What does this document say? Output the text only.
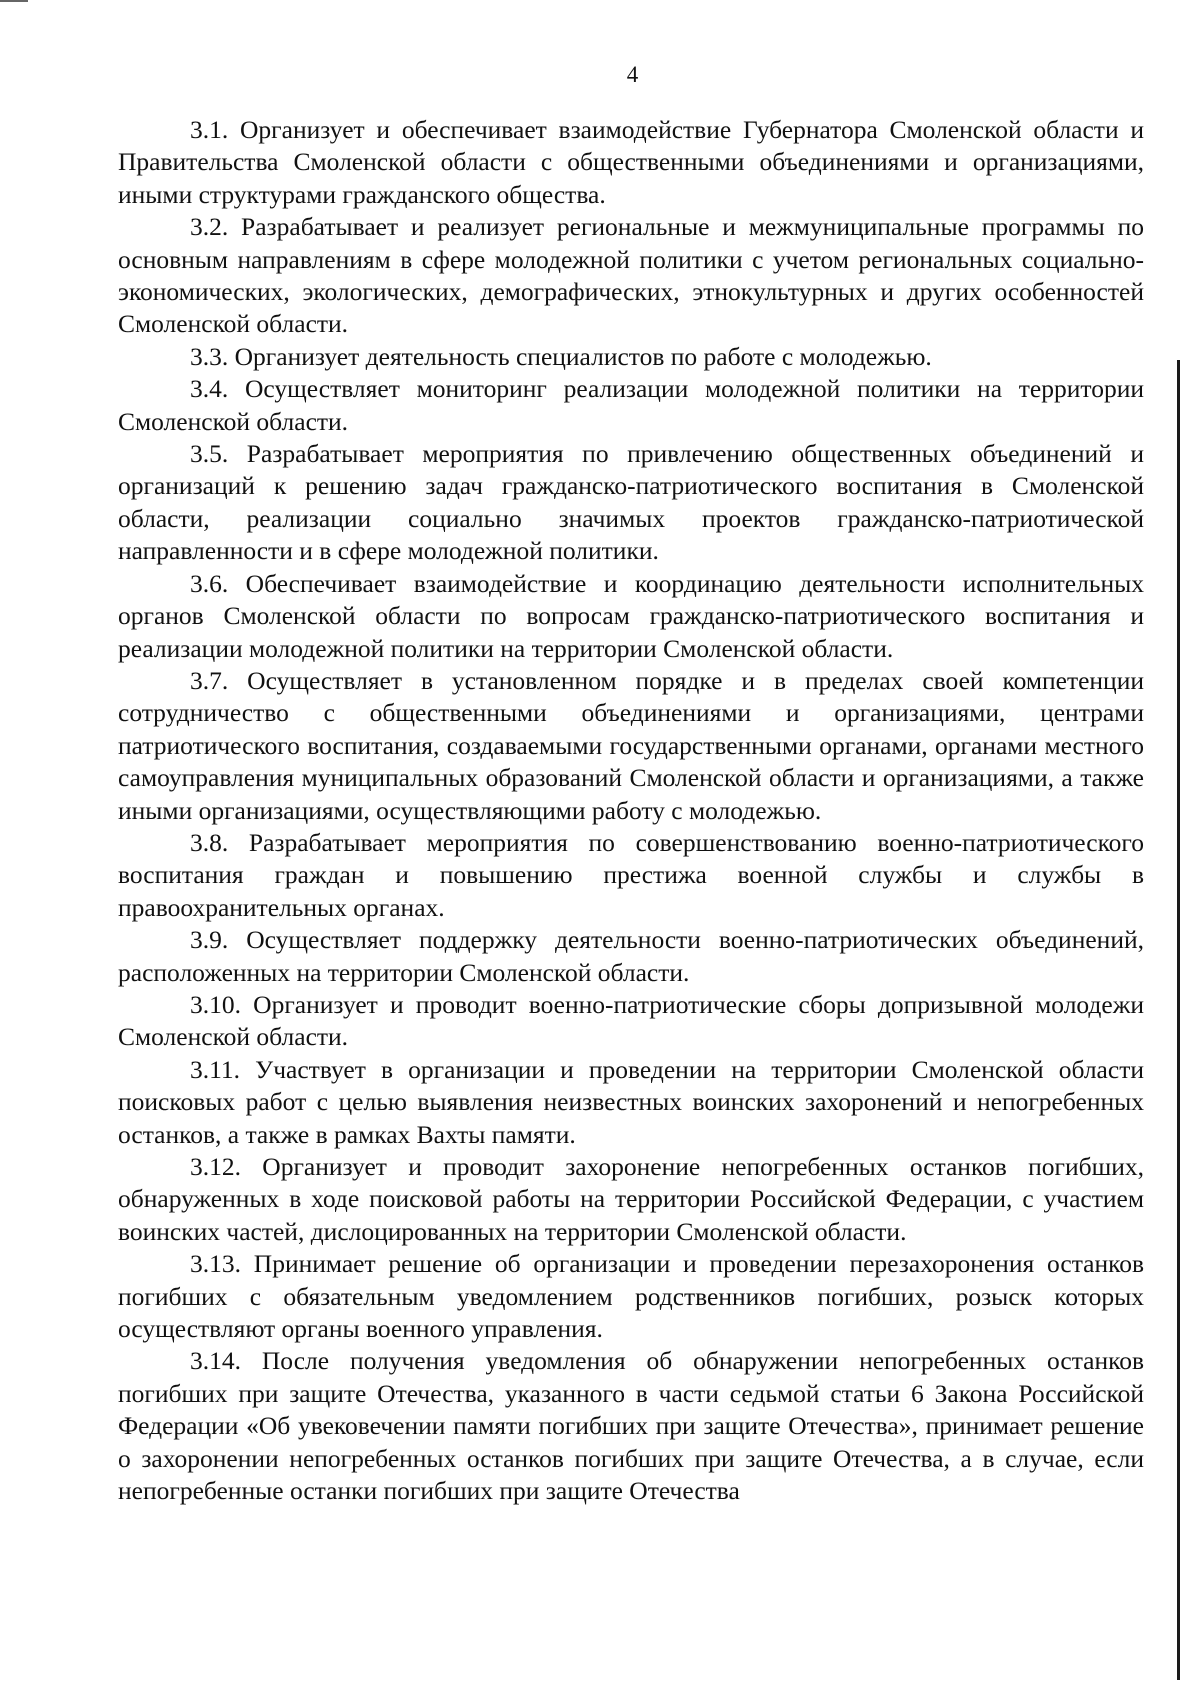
4

3.1. Организует и обеспечивает взаимодействие Губернатора Смоленской области и Правительства Смоленской области с общественными объединениями и организациями, иными структурами гражданского общества.

3.2. Разрабатывает и реализует региональные и межмуниципальные программы по основным направлениям в сфере молодежной политики с учетом региональных социально-экономических, экологических, демографических, этнокультурных и других особенностей Смоленской области.

3.3. Организует деятельность специалистов по работе с молодежью.

3.4. Осуществляет мониторинг реализации молодежной политики на территории Смоленской области.

3.5. Разрабатывает мероприятия по привлечению общественных объединений и организаций к решению задач гражданско-патриотического воспитания в Смоленской области, реализации социально значимых проектов гражданско-патриотической направленности и в сфере молодежной политики.

3.6. Обеспечивает взаимодействие и координацию деятельности исполнительных органов Смоленской области по вопросам гражданско-патриотического воспитания и реализации молодежной политики на территории Смоленской области.

3.7. Осуществляет в установленном порядке и в пределах своей компетенции сотрудничество с общественными объединениями и организациями, центрами патриотического воспитания, создаваемыми государственными органами, органами местного самоуправления муниципальных образований Смоленской области и организациями, а также иными организациями, осуществляющими работу с молодежью.

3.8. Разрабатывает мероприятия по совершенствованию военно-патриотического воспитания граждан и повышению престижа военной службы и службы в правоохранительных органах.

3.9. Осуществляет поддержку деятельности военно-патриотических объединений, расположенных на территории Смоленской области.

3.10. Организует и проводит военно-патриотические сборы допризывной молодежи Смоленской области.

3.11. Участвует в организации и проведении на территории Смоленской области поисковых работ с целью выявления неизвестных воинских захоронений и непогребенных останков, а также в рамках Вахты памяти.

3.12. Организует и проводит захоронение непогребенных останков погибших, обнаруженных в ходе поисковой работы на территории Российской Федерации, с участием воинских частей, дислоцированных на территории Смоленской области.

3.13. Принимает решение об организации и проведении перезахоронения останков погибших с обязательным уведомлением родственников погибших, розыск которых осуществляют органы военного управления.

3.14. После получения уведомления об обнаружении непогребенных останков погибших при защите Отечества, указанного в части седьмой статьи 6 Закона Российской Федерации «Об увековечении памяти погибших при защите Отечества», принимает решение о захоронении непогребенных останков погибших при защите Отечества, а в случае, если непогребенные останки погибших при защите Отечества
